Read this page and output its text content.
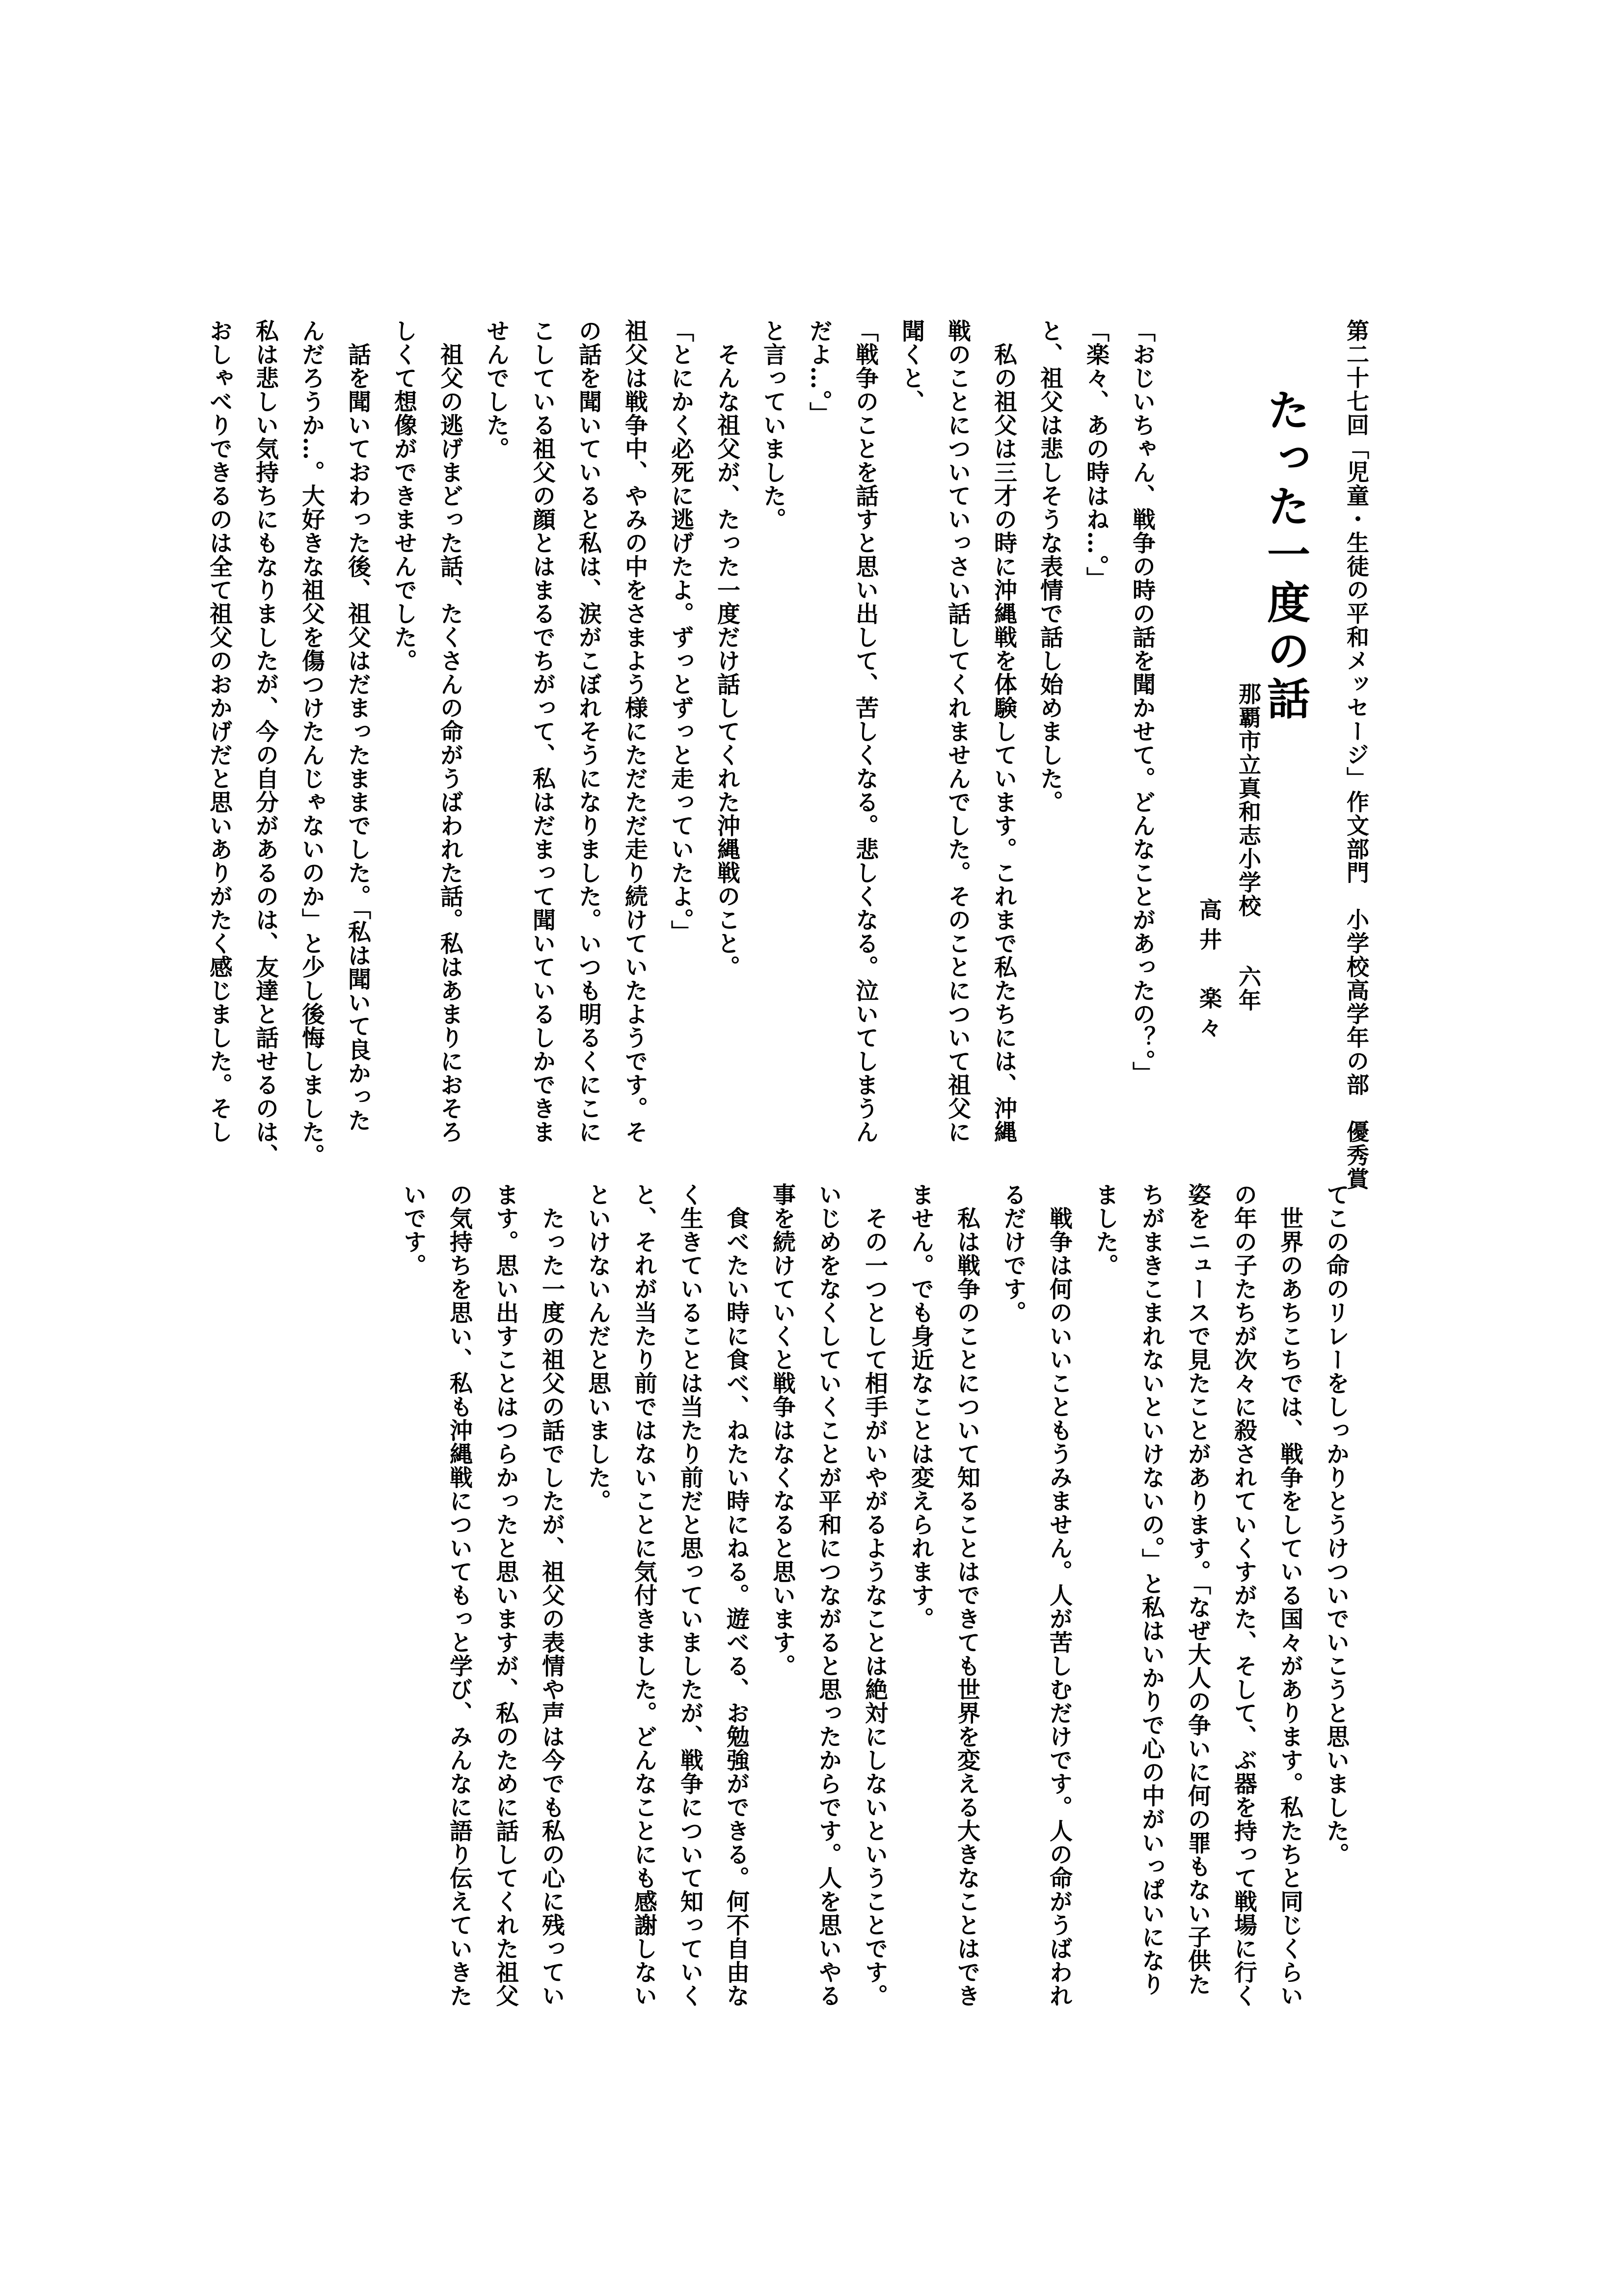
第二十七回「児童・生徒の平和メッセージ」作文部門　小学校高学年の部　優秀賞
たった一度の話
那覇市立真和志小学校　　六年
高井　楽々
「おじいちゃん、戦争の時の話を聞かせて。どんなことがあったの？。」
「楽々、あの時はね…。」
と、祖父は悲しそうな表情で話し始めました。
　私の祖父は三才の時に沖縄戦を体験しています。これまで私たちには、沖縄
戦のことについていっさい話してくれませんでした。そのことについて祖父に
聞くと、
「戦争のことを話すと思い出して、苦しくなる。悲しくなる。泣いてしまうん
だよ…。」
と言っていました。
　そんな祖父が、たった一度だけ話してくれた沖縄戦のこと。
「とにかく必死に逃げたよ。ずっとずっと走っていたよ。」
祖父は戦争中、やみの中をさまよう様にただただ走り続けていたようです。そ
の話を聞いていると私は、涙がこぼれそうになりました。いつも明るくにこに
こしている祖父の顔とはまるでちがって、私はだまって聞いているしかできま
せんでした。
　祖父の逃げまどった話、たくさんの命がうばわれた話。私はあまりにおそろ
しくて想像ができませんでした。
　話を聞いておわった後、祖父はだまったままでした。「私は聞いて良かった
んだろうか…。大好きな祖父を傷つけたんじゃないのか」と少し後悔しました。
私は悲しい気持ちにもなりましたが、今の自分があるのは、友達と話せるのは、
おしゃべりできるのは全て祖父のおかげだと思いありがたく感じました。そし
てこの命のリレーをしっかりとうけついでいこうと思いました。
　世界のあちこちでは、戦争をしている国々があります。私たちと同じくらい
の年の子たちが次々に殺されていくすがた、そして、ぶ器を持って戦場に行く
姿をニュースで見たことがあります。「なぜ大人の争いに何の罪もない子供た
ちがまきこまれないといけないの。」と私はいかりで心の中がいっぱいになり
ました。
　戦争は何のいいこともうみません。人が苦しむだけです。人の命がうばわれ
るだけです。
　私は戦争のことについて知ることはできても世界を変える大きなことはでき
ません。でも身近なことは変えられます。
　その一つとして相手がいやがるようなことは絶対にしないということです。
いじめをなくしていくことが平和につながると思ったからです。人を思いやる
事を続けていくと戦争はなくなると思います。
　食べたい時に食べ、ねたい時にねる。遊べる、お勉強ができる。何不自由な
く生きていることは当たり前だと思っていましたが、戦争について知っていく
と、それが当たり前ではないことに気付きました。どんなことにも感謝しない
といけないんだと思いました。
　たった一度の祖父の話でしたが、祖父の表情や声は今でも私の心に残ってい
ます。思い出すことはつらかったと思いますが、私のために話してくれた祖父
の気持ちを思い、私も沖縄戦についてもっと学び、みんなに語り伝えていきた
いです。
